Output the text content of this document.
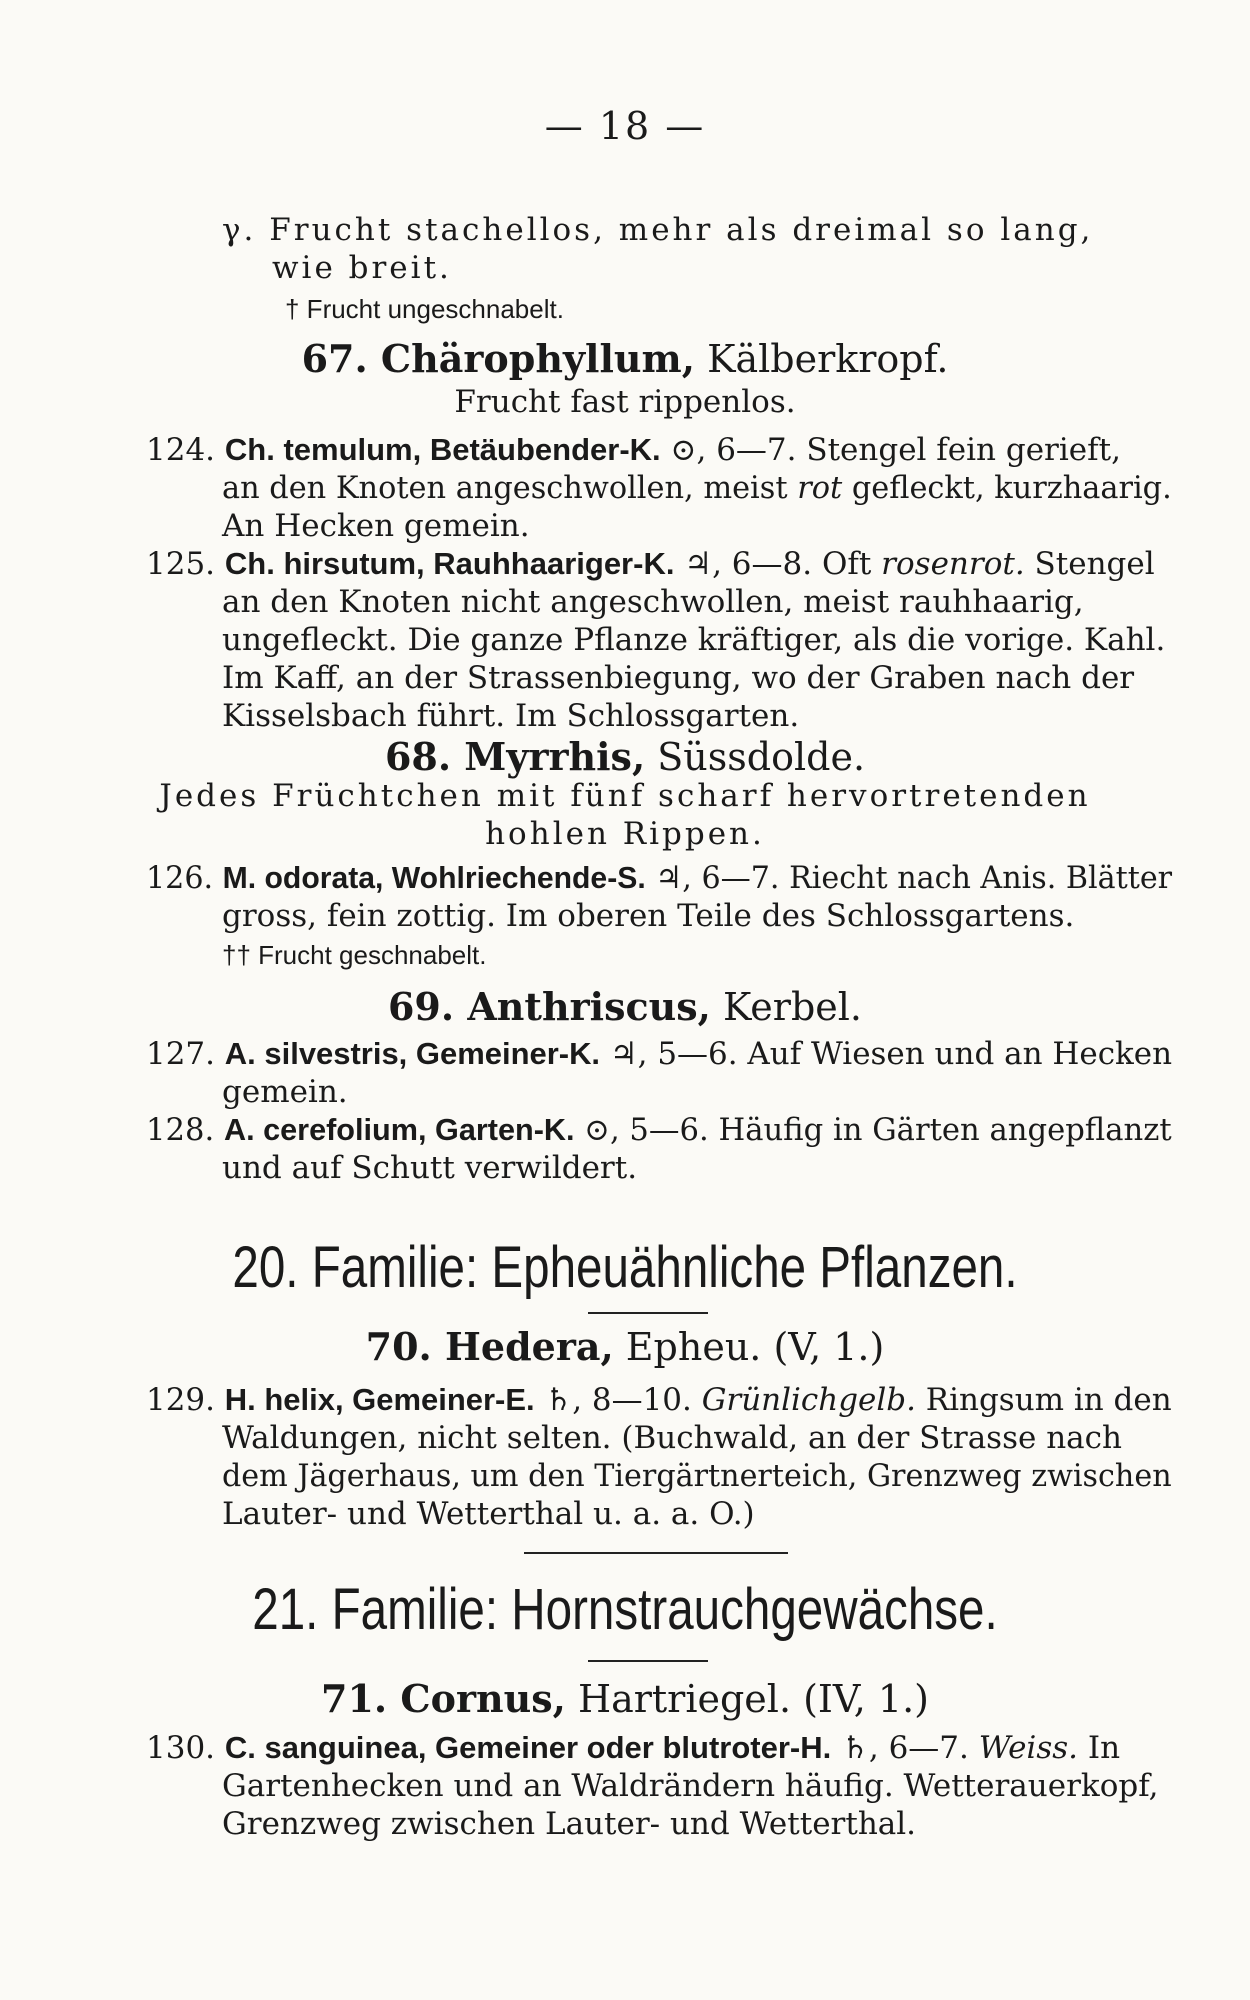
— 18 —
γ. Frucht stachellos, mehr als dreimal so lang,
wie breit.
† Frucht ungeschnabelt.
67. Chärophyllum, Kälberkropf.
Frucht fast rippenlos.
124. Ch. temulum, Betäubender-K. ⊙, 6—7. Stengel fein gerieft,
an den Knoten angeschwollen, meist rot gefleckt, kurzhaarig.
An Hecken gemein.
125. Ch. hirsutum, Rauhhaariger-K. ♃, 6—8. Oft rosenrot. Stengel
an den Knoten nicht angeschwollen, meist rauhhaarig,
ungefleckt. Die ganze Pflanze kräftiger, als die vorige. Kahl.
Im Kaff, an der Strassenbiegung, wo der Graben nach der
Kisselsbach führt. Im Schlossgarten.
68. Myrrhis, Süssdolde.
Jedes Früchtchen mit fünf scharf hervortretenden
hohlen Rippen.
126. M. odorata, Wohlriechende-S. ♃, 6—7. Riecht nach Anis. Blätter
gross, fein zottig. Im oberen Teile des Schlossgartens.
†† Frucht geschnabelt.
69. Anthriscus, Kerbel.
127. A. silvestris, Gemeiner-K. ♃, 5—6. Auf Wiesen und an Hecken
gemein.
128. A. cerefolium, Garten-K. ⊙, 5—6. Häufig in Gärten angepflanzt
und auf Schutt verwildert.
20. Familie: Epheuähnliche Pflanzen.
70. Hedera, Epheu. (V, 1.)
129. H. helix, Gemeiner-E. ♄, 8—10. Grünlichgelb. Ringsum in den
Waldungen, nicht selten. (Buchwald, an der Strasse nach
dem Jägerhaus, um den Tiergärtnerteich, Grenzweg zwischen
Lauter- und Wetterthal u. a. a. O.)
21. Familie: Hornstrauchgewächse.
71. Cornus, Hartriegel. (IV, 1.)
130. C. sanguinea, Gemeiner oder blutroter-H. ♄, 6—7. Weiss. In
Gartenhecken und an Waldrändern häufig. Wetterauerkopf,
Grenzweg zwischen Lauter- und Wetterthal.
